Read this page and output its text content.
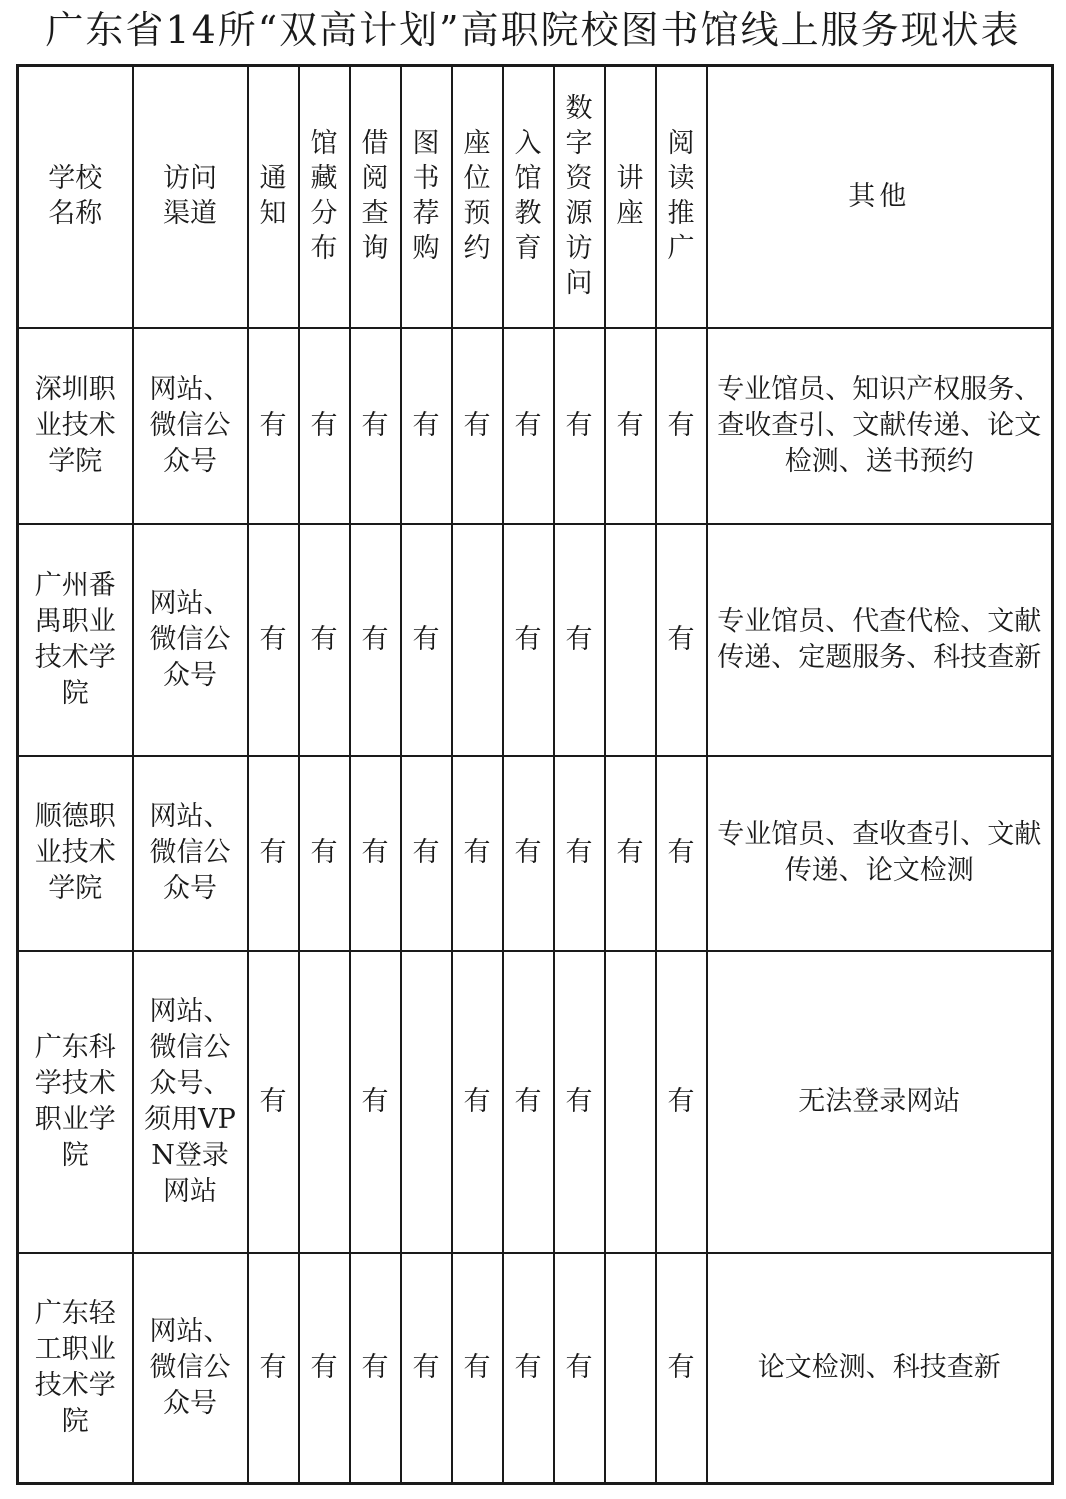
广东省14所“双高计划”高职院校图书馆线上服务现状表
学校名称	访问渠道	通知	馆藏分布	借阅查询	图书荐购	座位预约	入馆教育	数字资源访问	讲座	阅读推广	其他
深圳职业技术学院	网站、微信公众号	有	有	有	有	有	有	有	有	有	专业馆员、知识产权服务、查收查引、文献传递、论文检测、送书预约
广州番禺职业技术学院	网站、微信公众号	有	有	有	有		有	有		有	专业馆员、代查代检、文献传递、定题服务、科技查新
顺德职业技术学院	网站、微信公众号	有	有	有	有	有	有	有	有	有	专业馆员、查收查引、文献传递、论文检测
广东科学技术职业学院	网站、微信公众号、须用VPN登录网站	有		有		有	有	有		有	无法登录网站
广东轻工职业技术学院	网站、微信公众号	有	有	有	有	有	有	有		有	论文检测、科技查新
